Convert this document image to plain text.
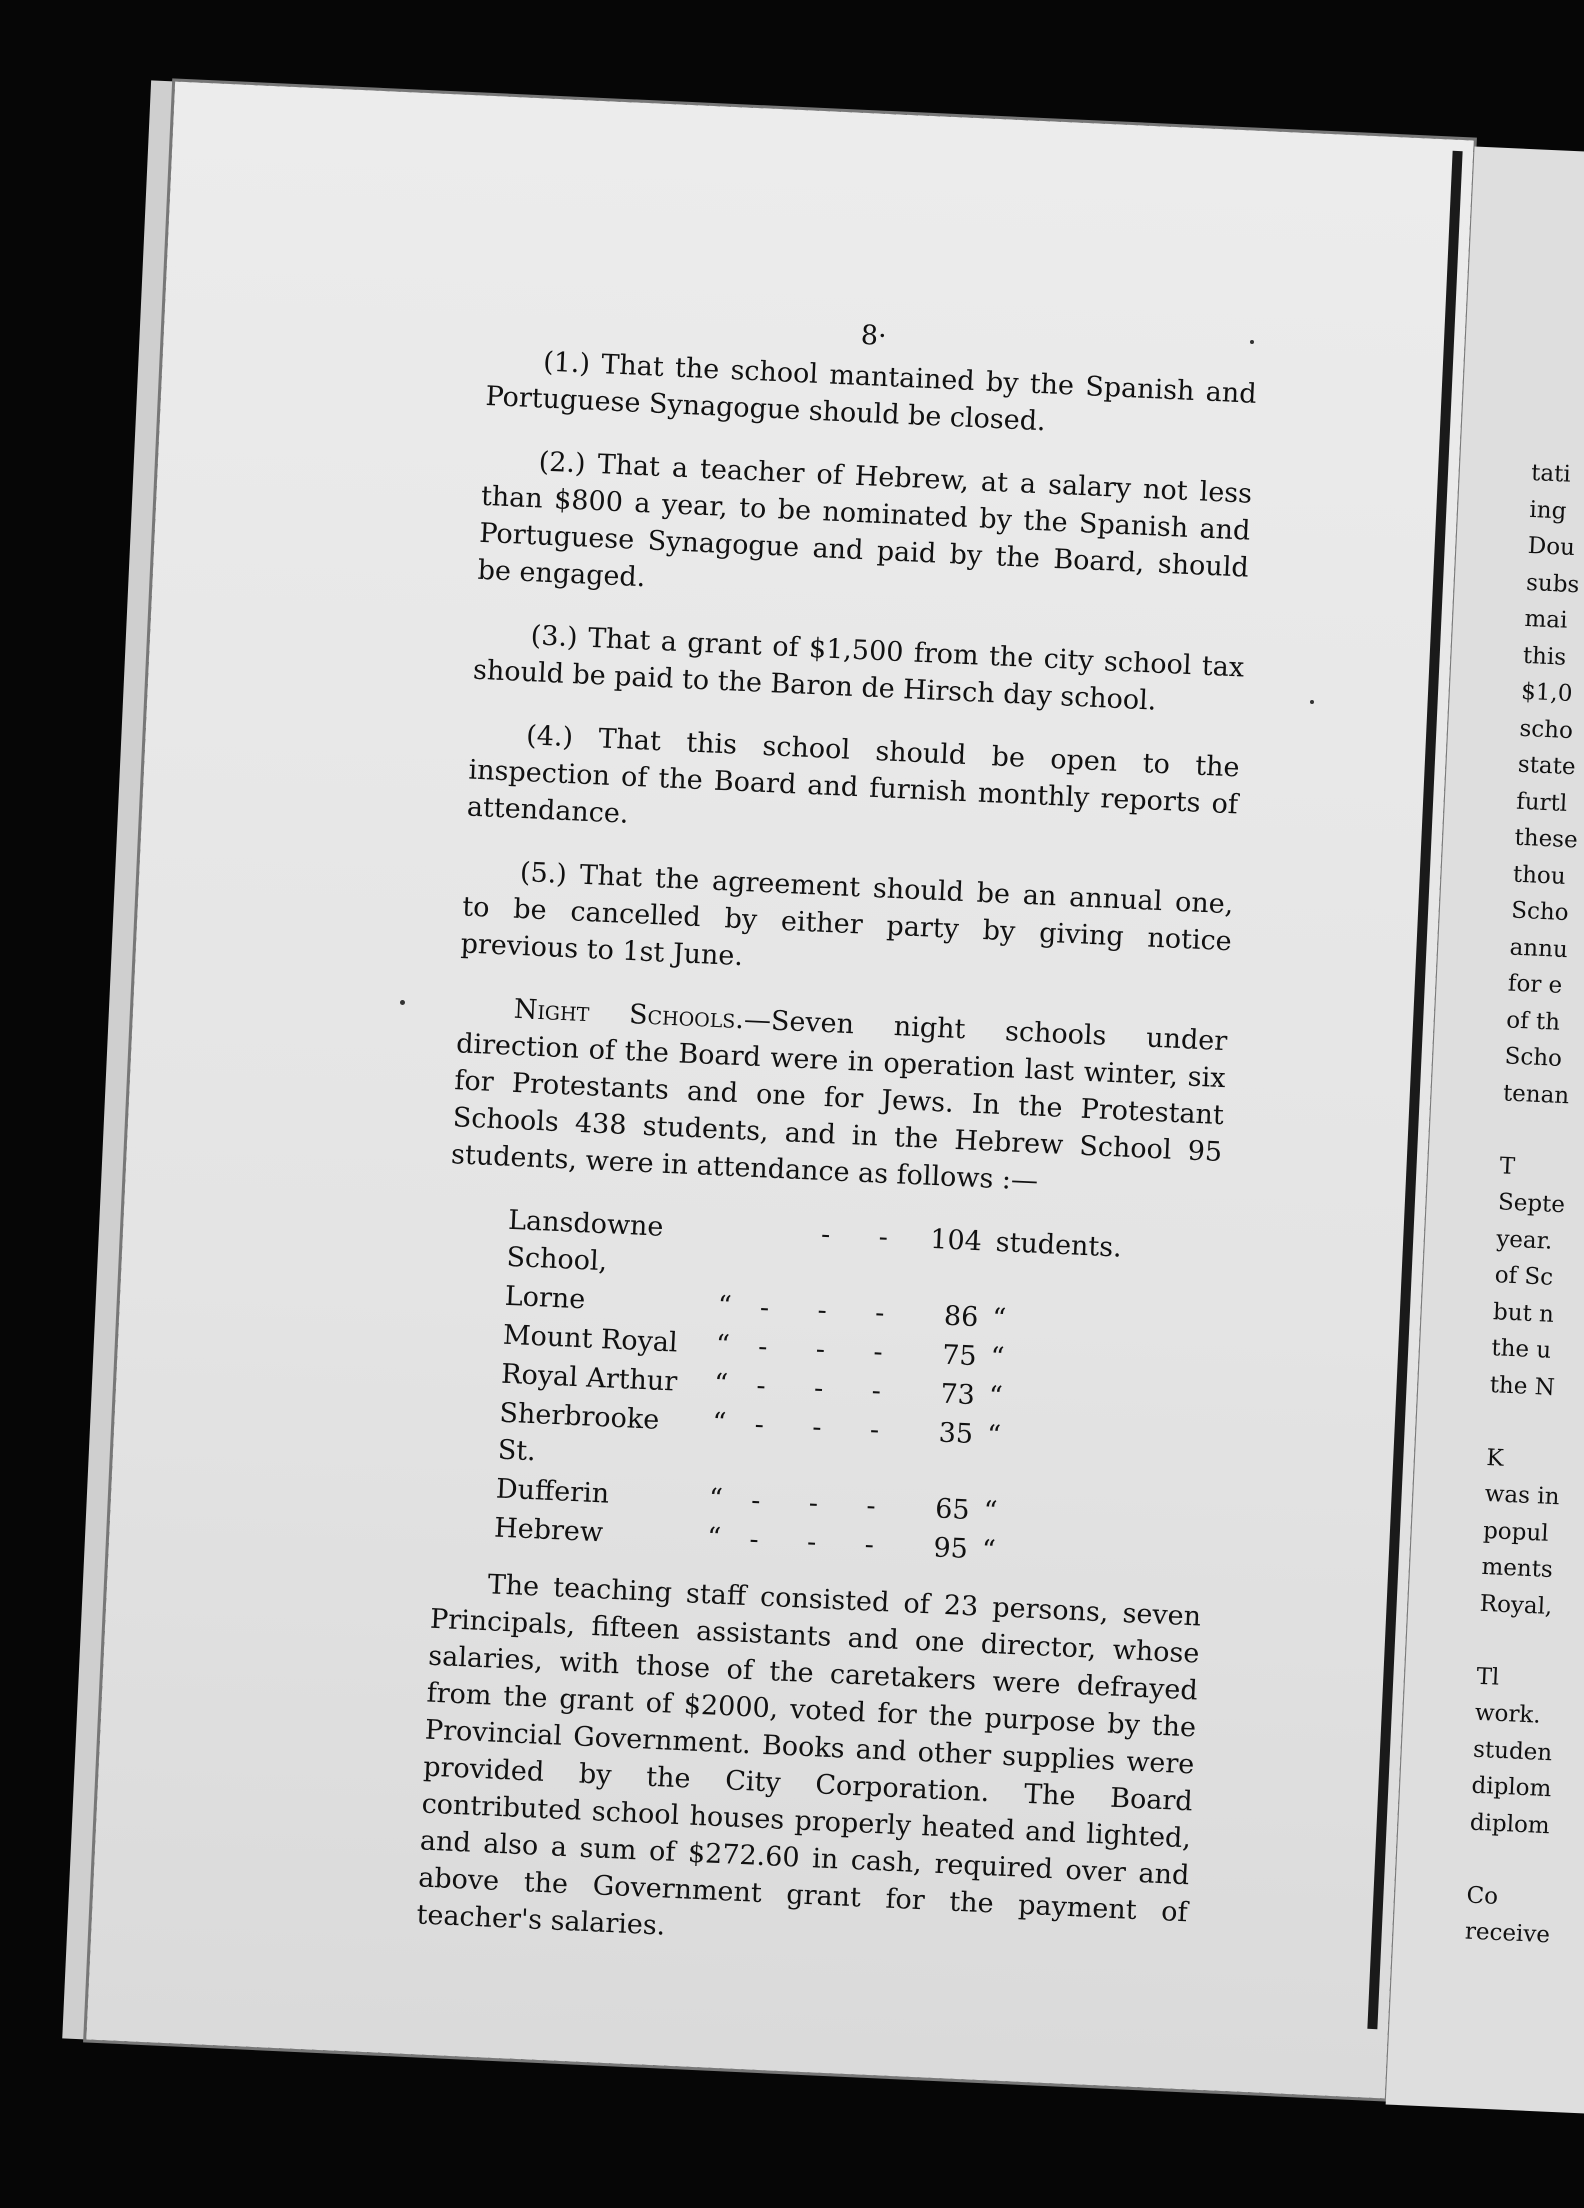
8·

(1.) That the school mantained by the Spanish and Portuguese Synagogue should be closed.

(2.) That a teacher of Hebrew, at a salary not less than $800 a year, to be nominated by the Spanish and Portuguese Synagogue and paid by the Board, should be engaged.

(3.) That a grant of $1,500 from the city school tax should be paid to the Baron de Hirsch day school.

(4.) That this school should be open to the inspection of the Board and furnish monthly reports of attendance.

(5.) That the agreement should be an annual one, to be cancelled by either party by giving notice previous to 1st June.

Night Schools.—Seven night schools under direction of the Board were in operation last winter, six for Protestants and one for Jews. In the Protestant Schools 438 students, and in the Hebrew School 95 students, were in attendance as follows :—

Lansdowne School,		- -	104	students.
Lorne	“	- - -	86	“
Mount Royal	“	- - -	75	“
Royal Arthur	“	- - -	73	“
Sherbrooke St.	“	- - -	35	“
Dufferin	“	- - -	65	“
Hebrew	“	- - -	95	“

The teaching staff consisted of 23 persons, seven Principals, fifteen assistants and one director, whose salaries, with those of the caretakers were defrayed from the grant of $2000, voted for the purpose by the Provincial Government. Books and other supplies were provided by the City Corporation. The Board contributed school houses properly heated and lighted, and also a sum of $272.60 in cash, required over and above the Government grant for the payment of teacher's salaries.

tati
ing
Dou
subs
mai
this
$1,0
scho
state
furtl
these
thou
Scho
annu
for e
of th
Scho
tenan
T
Septe
year.
of Sc
but n
the u
the N
K
was in
popul
ments
Royal,
Tl
work.
studen
diplom
diplom
Co
receive
